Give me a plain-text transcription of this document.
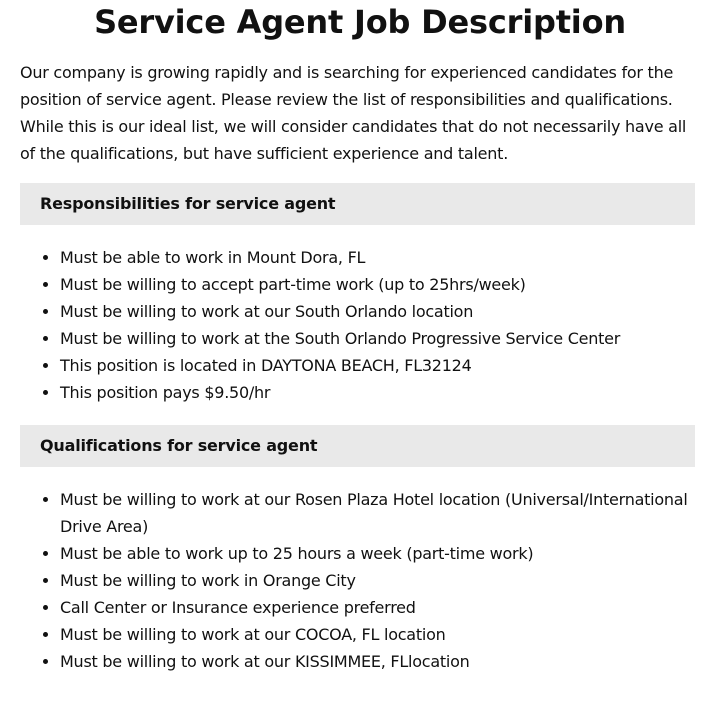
Service Agent Job Description

Our company is growing rapidly and is searching for experienced candidates for the position of service agent. Please review the list of responsibilities and qualifications. While this is our ideal list, we will consider candidates that do not necessarily have all of the qualifications, but have sufficient experience and talent.

Responsibilities for service agent
• Must be able to work in Mount Dora, FL
• Must be willing to accept part-time work (up to 25hrs/week)
• Must be willing to work at our South Orlando location
• Must be willing to work at the South Orlando Progressive Service Center
• This position is located in DAYTONA BEACH, FL32124
• This position pays $9.50/hr
Qualifications for service agent
• Must be willing to work at our Rosen Plaza Hotel location (Universal/International Drive Area)
• Must be able to work up to 25 hours a week (part-time work)
• Must be willing to work in Orange City
• Call Center or Insurance experience preferred
• Must be willing to work at our COCOA, FL location
• Must be willing to work at our KISSIMMEE, FLlocation
